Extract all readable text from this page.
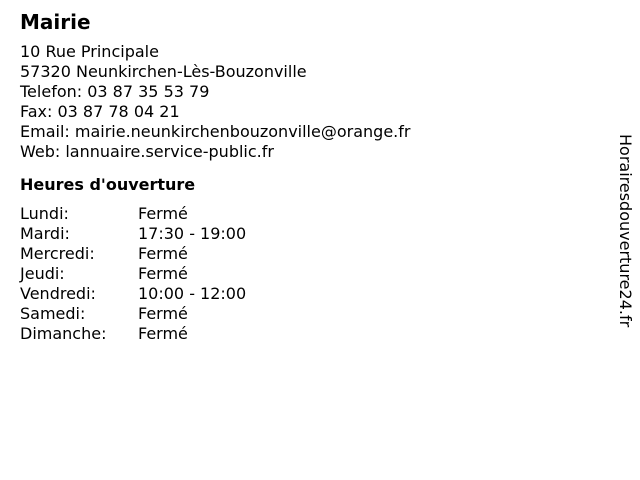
Mairie
10 Rue Principale
57320 Neunkirchen-Lès-Bouzonville
Telefon: 03 87 35 53 79
Fax: 03 87 78 04 21
Email: mairie.neunkirchenbouzonville@orange.fr
Web: lannuaire.service-public.fr
Heures d'ouverture
Lundi:	Fermé
Mardi:	17:30 - 19:00
Mercredi:	Fermé
Jeudi:	Fermé
Vendredi:	10:00 - 12:00
Samedi:	Fermé
Dimanche:	Fermé
Horairesdouverture24.fr
